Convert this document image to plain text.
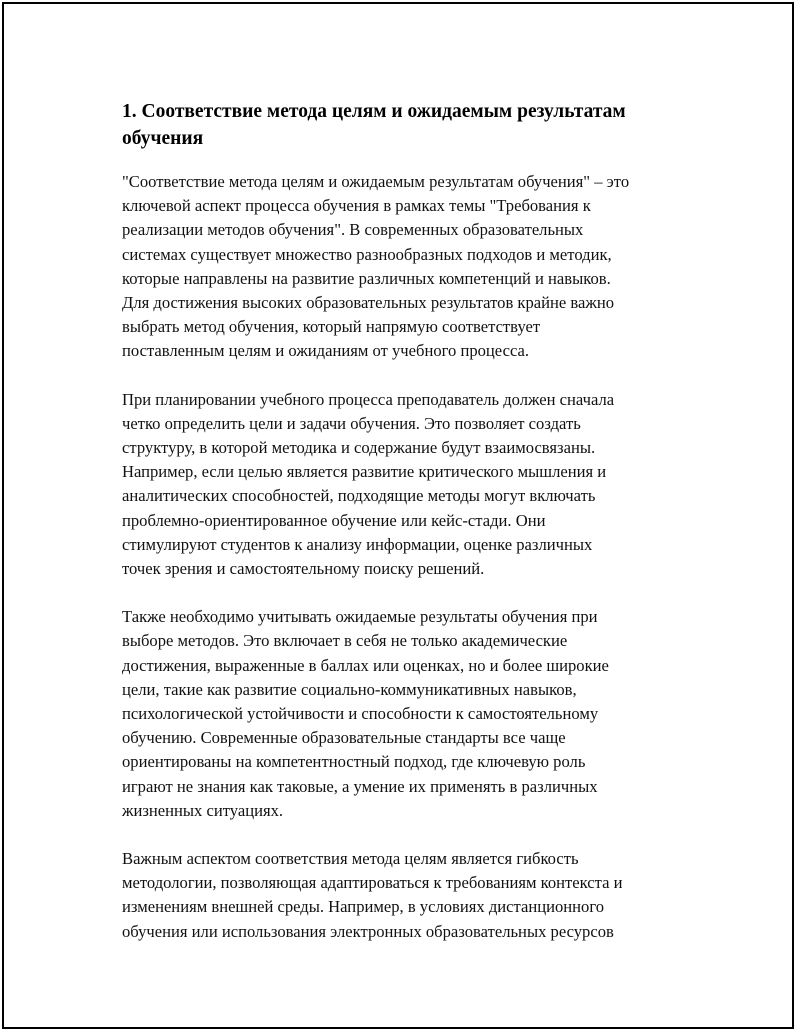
1. Соответствие метода целям и ожидаемым результатам
обучения

"Соответствие метода целям и ожидаемым результатам обучения" – это
ключевой аспект процесса обучения в рамках темы "Требования к
реализации методов обучения". В современных образовательных
системах существует множество разнообразных подходов и методик,
которые направлены на развитие различных компетенций и навыков.
Для достижения высоких образовательных результатов крайне важно
выбрать метод обучения, который напрямую соответствует
поставленным целям и ожиданиям от учебного процесса.

При планировании учебного процесса преподаватель должен сначала
четко определить цели и задачи обучения. Это позволяет создать
структуру, в которой методика и содержание будут взаимосвязаны.
Например, если целью является развитие критического мышления и
аналитических способностей, подходящие методы могут включать
проблемно-ориентированное обучение или кейс-стади. Они
стимулируют студентов к анализу информации, оценке различных
точек зрения и самостоятельному поиску решений.

Также необходимо учитывать ожидаемые результаты обучения при
выборе методов. Это включает в себя не только академические
достижения, выраженные в баллах или оценках, но и более широкие
цели, такие как развитие социально-коммуникативных навыков,
психологической устойчивости и способности к самостоятельному
обучению. Современные образовательные стандарты все чаще
ориентированы на компетентностный подход, где ключевую роль
играют не знания как таковые, а умение их применять в различных
жизненных ситуациях.

Важным аспектом соответствия метода целям является гибкость
методологии, позволяющая адаптироваться к требованиям контекста и
изменениям внешней среды. Например, в условиях дистанционного
обучения или использования электронных образовательных ресурсов
